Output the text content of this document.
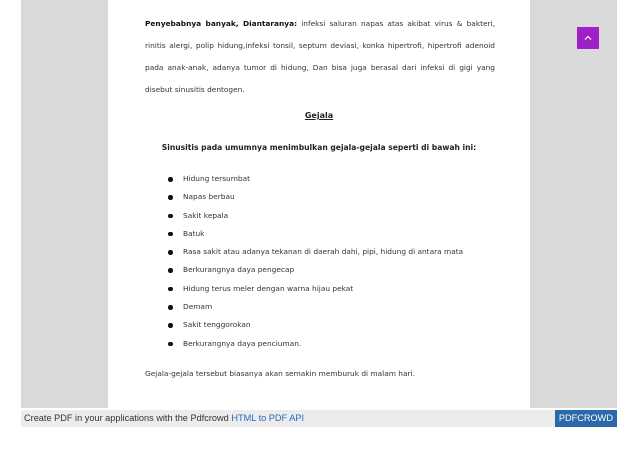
Penyebabnya banyak, Diantaranya: infeksi saluran napas atas akibat virus & bakteri, rinitis alergi, polip hidung,infeksi tonsil, septum deviasi, konka hipertrofi, hipertrofi adenoid pada anak-anak, adanya tumor di hidung, Dan bisa juga berasal dari infeksi di gigi yang disebut sinusitis dentogen.

Gejala
Sinusitis pada umumnya menimbulkan gejala-gejala seperti di bawah ini:
Hidung tersumbat
Napas berbau
Sakit kepala
Batuk
Rasa sakit atau adanya tekanan di daerah dahi, pipi, hidung di antara mata
Berkurangnya daya pengecap
Hidung terus meler dengan warna hijau pekat
Demam
Sakit tenggorokan
Berkurangnya daya penciuman.
Gejala-gejala tersebut biasanya akan semakin memburuk di malam hari.
Create PDF in your applications with the Pdfcrowd HTML to PDF API	PDFCROWD
